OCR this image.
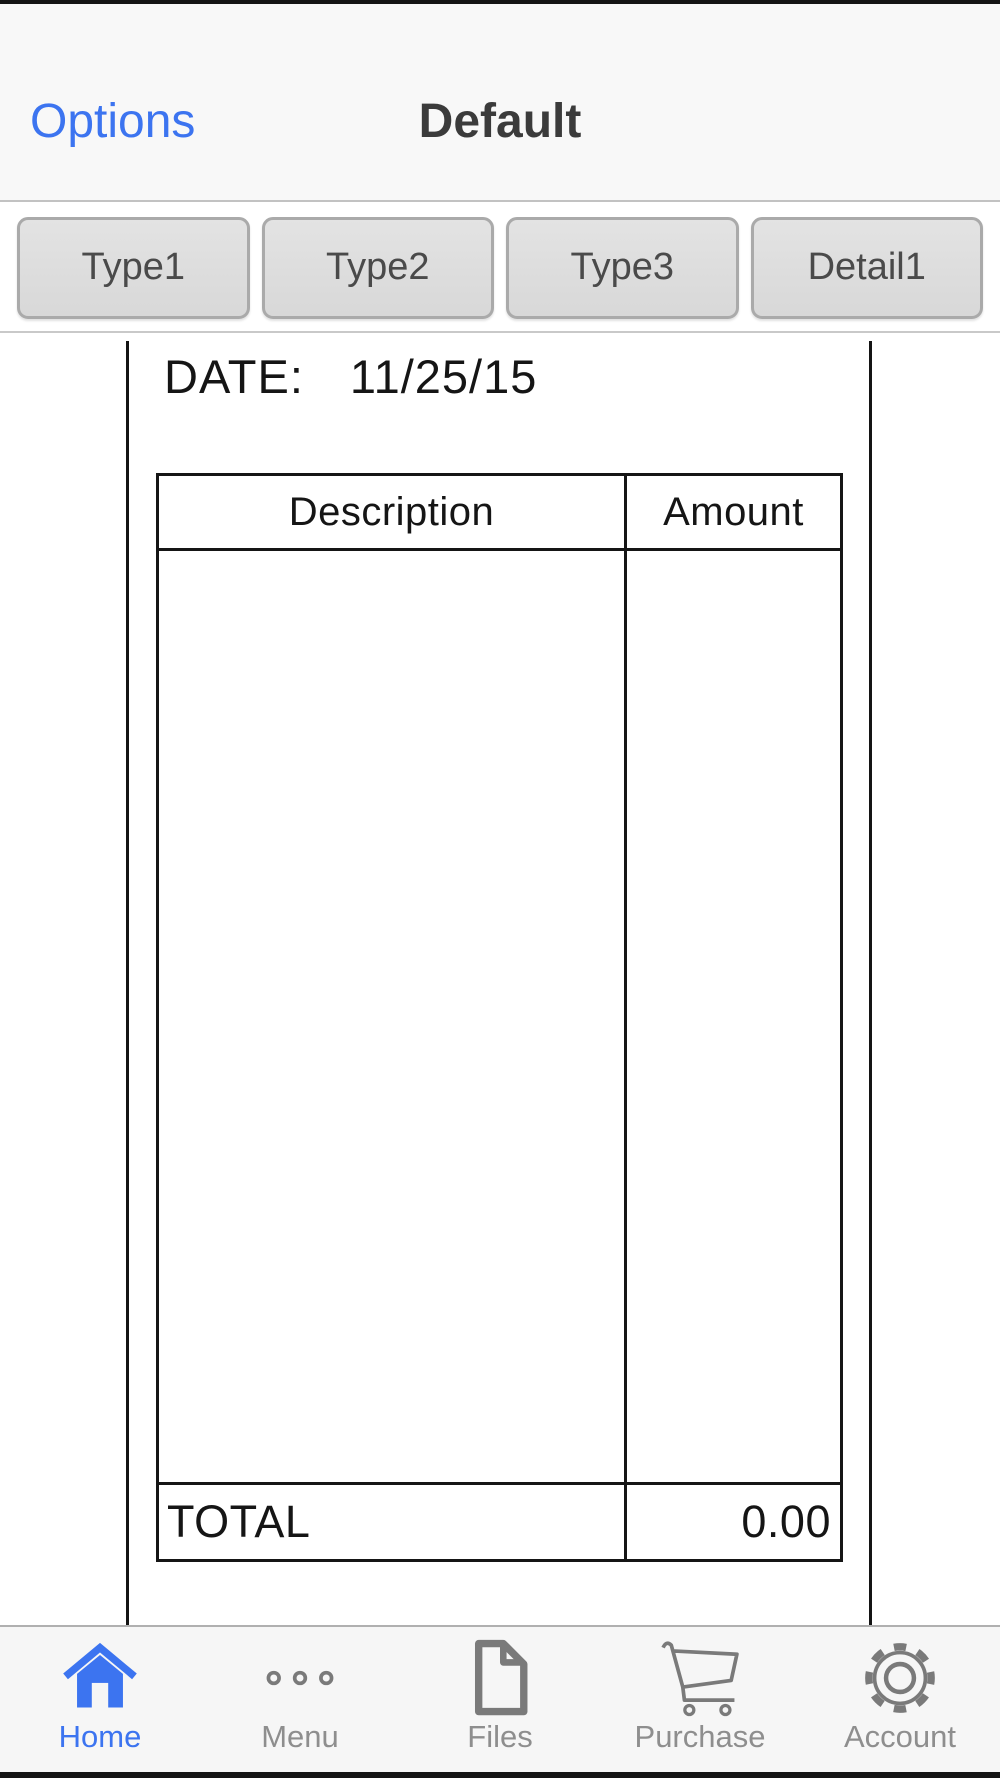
Options	Default
Type1	Type2	Type3	Detail1
DATE: 11/25/15
Description	Amount
TOTAL	0.00
Home	Menu	Files	Purchase	Account
